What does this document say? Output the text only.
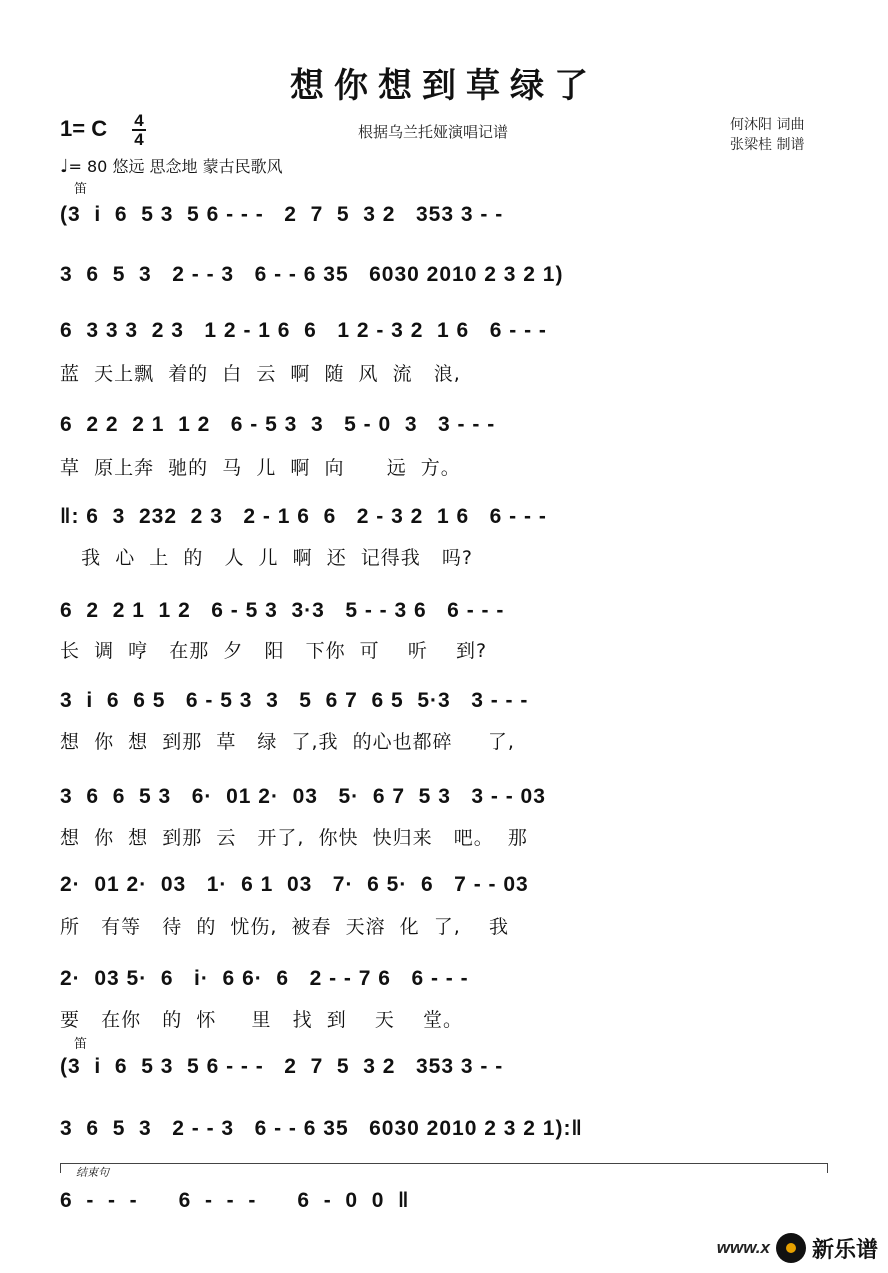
想你想到草绿了
1= C 4
4
♩= 80 悠远 思念地 蒙古民歌风
根据乌兰托娅演唱记谱	何沐阳 词曲
张梁桂 制谱
笛
笛
(3  i  6  5 3  5 6 - - -   2  7  5  3 2   353 3 - -
3  6  5  3   2 - - 3   6 - - 6 35   6030 2010 2 3 2 1)
6  3 3 3  2 3   1 2 - 1 6  6   1 2 - 3 2  1 6   6 - - -
蓝  天上飘  着的  白  云  啊  随  风  流   浪,
6  2 2  2 1  1 2   6 - 5 3  3   5 - 0  3   3 - - -
草  原上奔  驰的  马  儿  啊  向      远  方。
‖: 6  3  232  2 3   2 - 1 6  6   2 - 3 2  1 6   6 - - -
我  心  上  的   人  儿  啊  还  记得我   吗?
6  2  2 1  1 2   6 - 5 3  3·3   5 - - 3 6   6 - - -
长  调  哼   在那  夕   阳   下你  可    听    到?
3  i  6  6 5   6 - 5 3  3   5  6 7  6 5  5·3   3 - - -
想  你  想  到那  草   绿  了,我  的心也都碎     了,
3  6  6  5 3   6·  01 2·  03   5·  6 7  5 3   3 - - 03
想  你  想  到那  云   开了,  你快  快归来   吧。  那
2·  01 2·  03   1·  6 1  03   7·  6 5·  6   7 - - 03
所   有等   待  的  忧伤,  被春  天溶  化  了,    我
2·  03 5·  6   i·  6 6·  6   2 - - 7 6   6 - - -
要   在你   的  怀     里   找  到    天    堂。
(3  i  6  5 3  5 6 - - -   2  7  5  3 2   353 3 - -
3  6  5  3   2 - - 3   6 - - 6 35   6030 2010 2 3 2 1):‖
结束句
6  -  -  -      6  -  -  -      6  -  0  0  ‖
www.x 新乐谱
